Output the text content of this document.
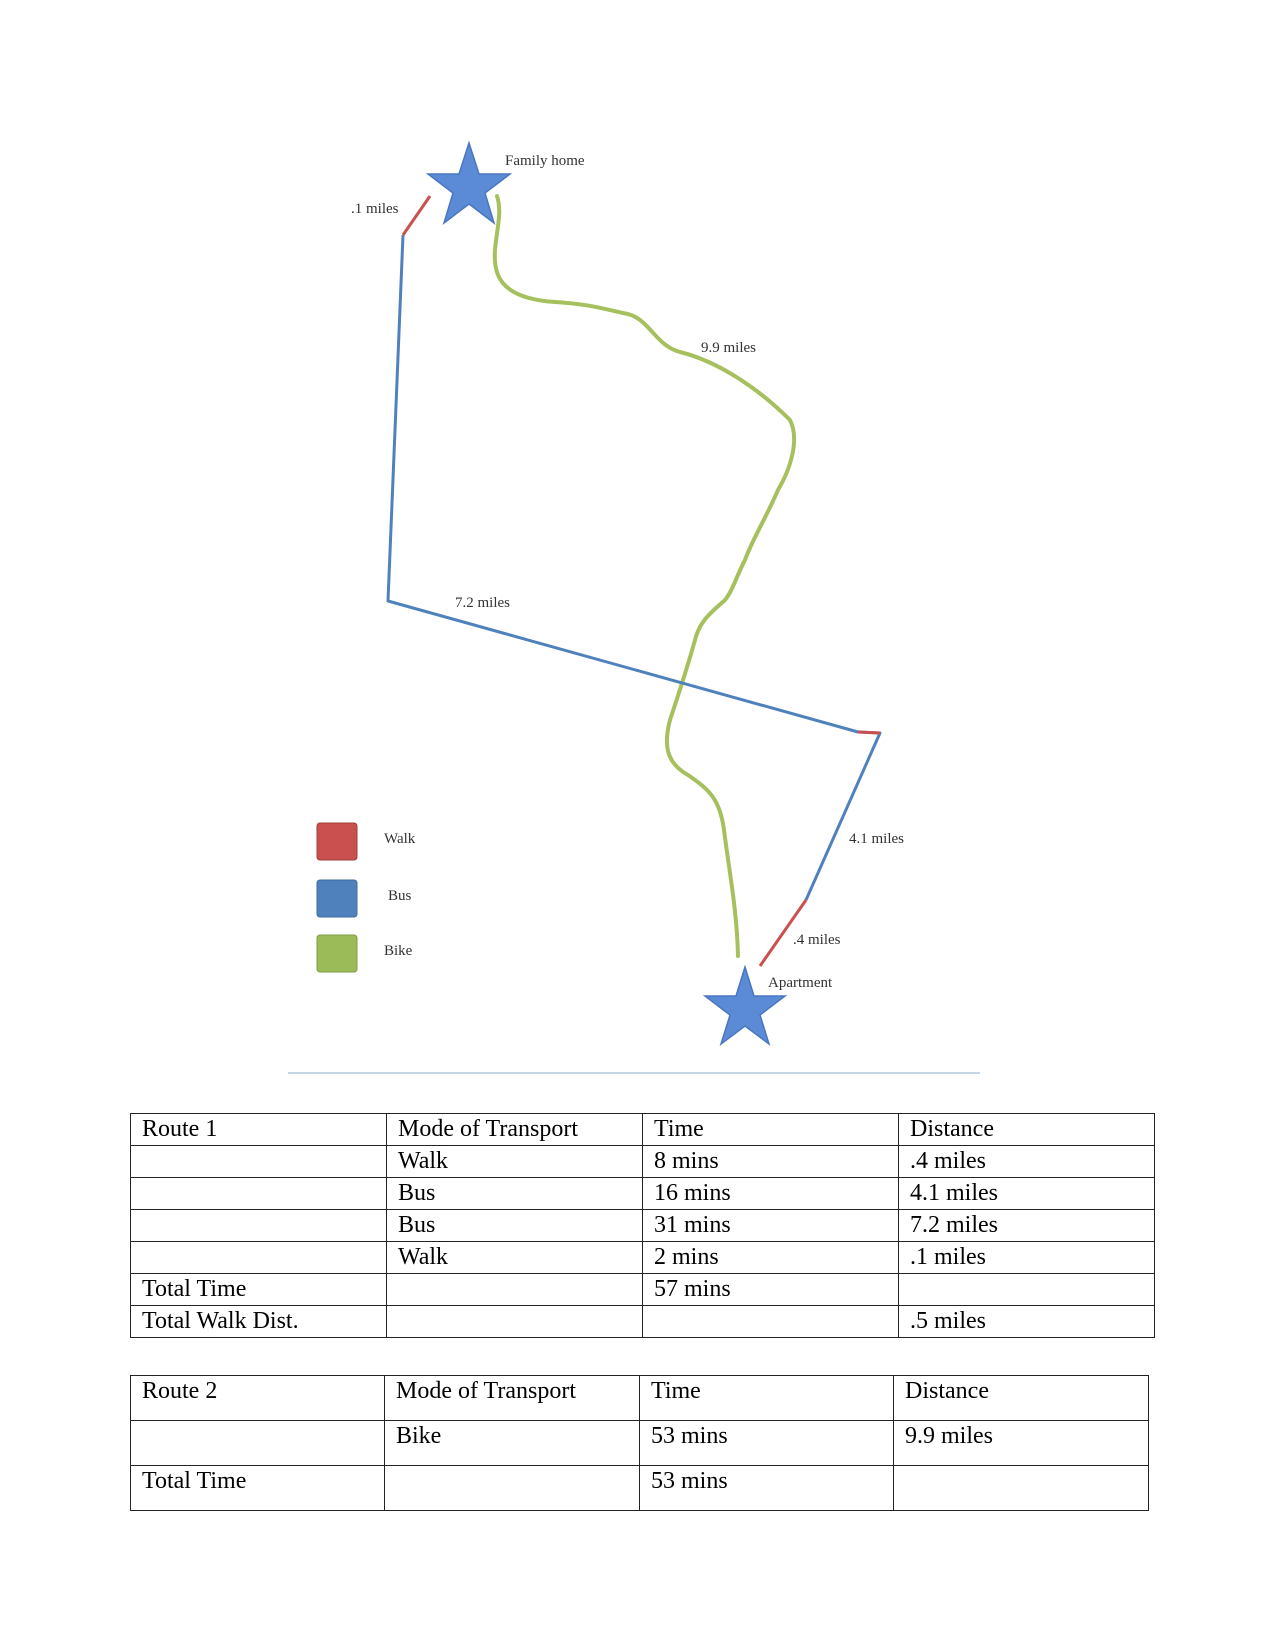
Family home
Apartment
.1 miles
9.9 miles
7.2 miles
4.1 miles
.4 miles
Walk
Bus
Bike
Route 1	Mode of Transport	Time	Distance
	Walk	8 mins	.4 miles
	Bus	16 mins	4.1 miles
	Bus	31 mins	7.2 miles
	Walk	2 mins	.1 miles
Total Time		57 mins	
Total Walk Dist.			.5 miles
Route 2	Mode of Transport	Time	Distance
	Bike	53 mins	9.9 miles
Total Time		53 mins	
